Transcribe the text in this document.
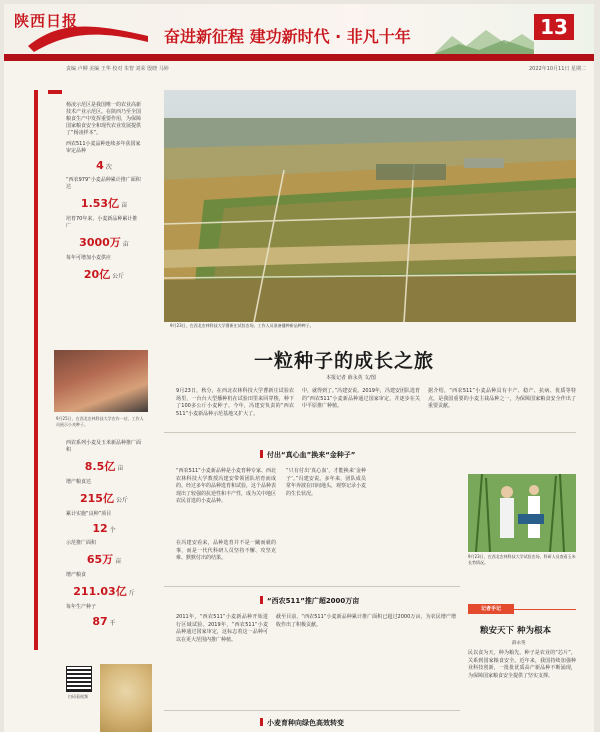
陕西日报
奋进新征程 建功新时代 · 非凡十年	13
责编 卢柳 美编 王华 校对 朱智 刘荣 殷晓 马婷	2022年10月11日 星期二

杨凌示范区是我国唯一的农业高新技术产业示范区。在陕西乃至全国粮食生产中发挥重要作用，为保障国家粮食安全和现代农业发展提供了“杨凌样本”。

西农511小麦品种连续多年获国家审定品种

4 次

“西农979”小麦品种累计推广面积达

1.53亿 亩

培育70年来，小麦新品种累计推广

3000万 亩

每年可增加小麦供应

20亿 公斤
9月25日，在西北农林科技大学农作一站，工作人员展示小麦种子。

西农系列小麦及玉米新品种推广面积

8.5亿 亩

增产粮食达

215亿 公斤

累计实施“良种”项目

12 个

示范推广面积

65万 亩

增产粮食

211.03亿 斤

每年生产种子

87 千
扫码看视频
9月23日，在西北农林科技大学曹新庄试验农场，工作人员准备播种新品种种子。
一粒种子的成长之旅
本报记者 薛永英 文/图
9月23日，秋分，在西北农林科技大学曹新庄试验农场里，一台台大型播种机在试验田里来回穿梭，种下了100多公斤小麦种子。今年，冯建安负责的“西农511”小麦新品种示范基地又扩大了。
中，就得到了。”冯建安说。2019年，冯建安团队选育的“西农511”小麦新品种通过国家审定，并逐步在关中平原推广种植。
据介绍，“西农511”小麦品种具有丰产、稳产、抗病、优质等特点，是我国重要的小麦主栽品种之一，为保障国家粮食安全作出了重要贡献。
付出“真心血”换来“金种子”
“西农511”小麦新品种是小麦育种专家、西北农林科技大学教授冯建安带领团队培育而成的。经过多年的品种选育和试验，这个品种表现出了较强的抗逆性和丰产性，成为关中地区农民首选的小麦品种。
在冯建安看来，品种选育并不是一蹴而就的事，而是一代代科研人员坚持不懈、攻坚克难、默默付出的结果。
“只有付出‘真心血’，才能换来‘金种子’。”冯建安说。多年来，团队成员常年奔波在田间地头，观察记录小麦的生长状况。
9月23日，在西北农林科技大学试验农场，科研人员查看玉米长势情况。
“西农511”推广超2000万亩
2011年，“西农511”小麦新品种开始进行区域试验。2019年，“西农511”小麦品种通过国家审定，这标志着这一品种可以在更大范围内推广种植。
截至目前，“西农511”小麦新品种累计推广面积已超过2000万亩，为农民增产增收作出了积极贡献。
记者手记
粮安天下 种为根本
薛永英
民以食为天，种为粮先。种子是农业的“芯片”，关系到国家粮食安全。近年来，我国持续加强种业科技创新，一批批优质高产新品种不断涌现，为保障国家粮食安全提供了坚实支撑。
小麦育种向绿色高效转变
